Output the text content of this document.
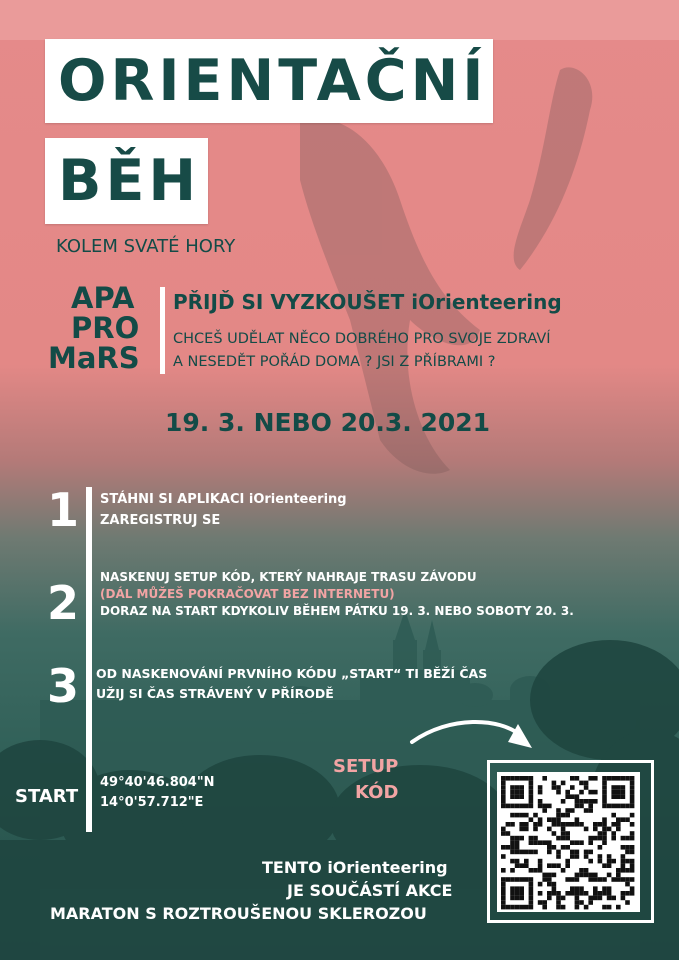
ORIENTAČNÍ
BĚH
KOLEM SVATÉ HORY
APA
PRO
MaRS
PŘIJĎ SI VYZKOUŠET iOrienteering
CHCEŠ UDĚLAT NĚCO DOBRÉHO PRO SVOJE ZDRAVÍ
A NESEDĚT POŘÁD DOMA ? JSI Z PŘÍBRAMI ?
19. 3. NEBO 20.3. 2021
1 STÁHNI SI APLIKACI iOrienteering
ZAREGISTRUJ SE
2 NASKENUJ SETUP KÓD, KTERÝ NAHRAJE TRASU ZÁVODU
(DÁL MŮŽEŠ POKRAČOVAT BEZ INTERNETU)
DORAZ NA START KDYKOLIV BĚHEM PÁTKU 19. 3. NEBO SOBOTY 20. 3.
3 OD NASKENOVÁNÍ PRVNÍHO KÓDU „START“ TI BĚŽÍ ČAS
UŽIJ SI ČAS STRÁVENÝ V PŘÍRODĚ
START
49°40'46.804"N
14°0'57.712"E
SETUP
KÓD
TENTO iOrienteering
JE SOUČÁSTÍ AKCE
MARATON S ROZTROUŠENOU SKLEROZOU
